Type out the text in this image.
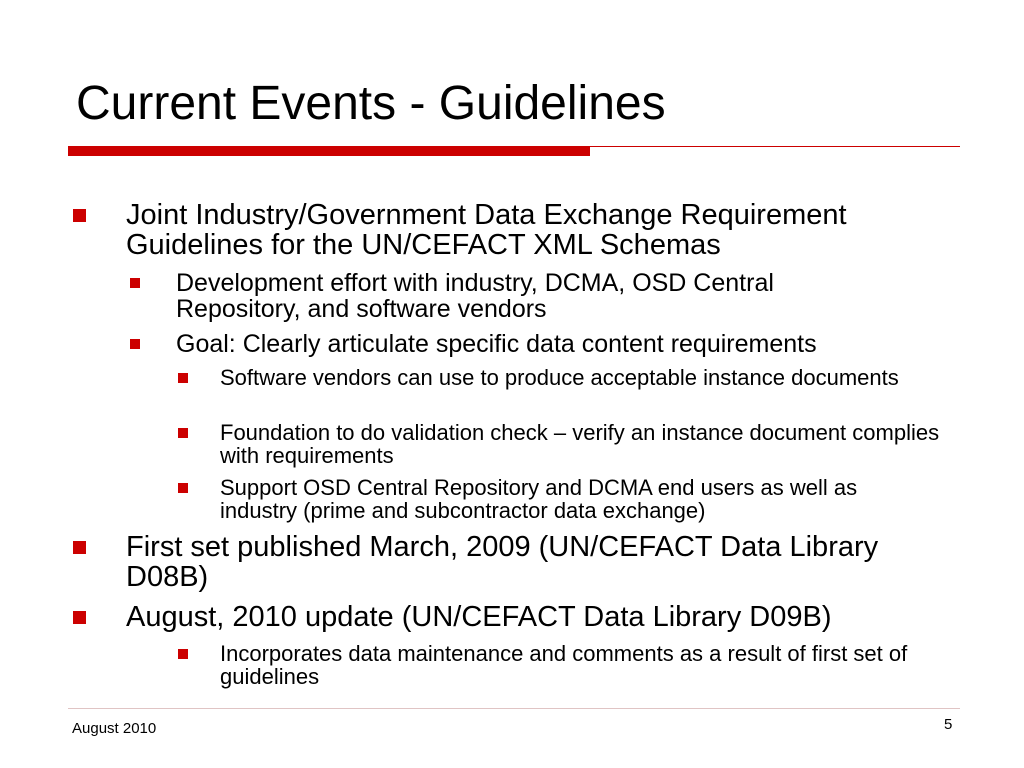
Current Events - Guidelines
Joint Industry/Government Data Exchange Requirement Guidelines for the UN/CEFACT XML Schemas
Development effort with industry, DCMA, OSD Central Repository, and software vendors
Goal: Clearly articulate specific data content requirements
Software vendors can use to produce acceptable instance documents
Foundation to do validation check – verify an instance document complies with requirements
Support OSD Central Repository and DCMA end users as well as industry (prime and subcontractor data exchange)
First set published March, 2009 (UN/CEFACT Data Library D08B)
August, 2010 update (UN/CEFACT Data Library D09B)
Incorporates data maintenance and comments as a result of first set of guidelines
August 2010	5
